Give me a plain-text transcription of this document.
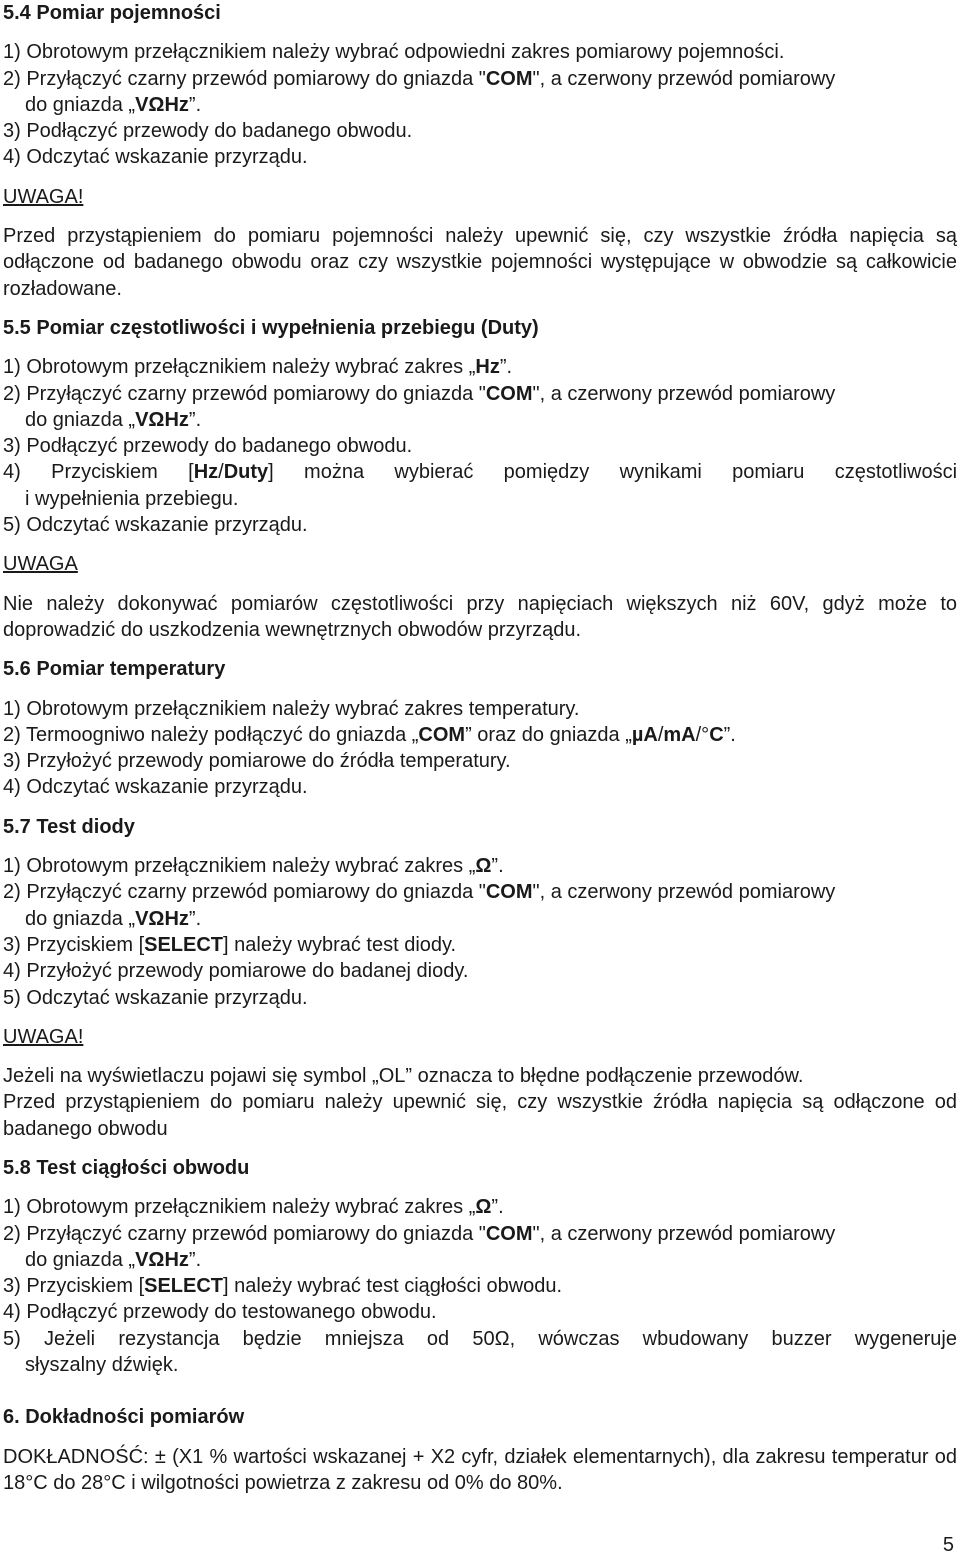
5.4 Pomiar pojemności
1) Obrotowym przełącznikiem należy wybrać odpowiedni zakres pomiarowy pojemności.
2) Przyłączyć czarny przewód pomiarowy do gniazda "COM", a czerwony przewód pomiarowy
do gniazda „VΩHz”.
3) Podłączyć przewody do badanego obwodu.
4) Odczytać wskazanie przyrządu.
UWAGA!
Przed przystąpieniem do pomiaru pojemności należy upewnić się, czy wszystkie źródła napięcia są odłączone od badanego obwodu oraz czy wszystkie pojemności występujące w obwodzie są całkowicie rozładowane.
5.5 Pomiar częstotliwości i wypełnienia przebiegu (Duty)
1) Obrotowym przełącznikiem należy wybrać zakres „Hz”.
2) Przyłączyć czarny przewód pomiarowy do gniazda "COM", a czerwony przewód pomiarowy
do gniazda „VΩHz”.
3) Podłączyć przewody do badanego obwodu.
4) Przyciskiem [Hz/Duty] można wybierać pomiędzy wynikami pomiaru częstotliwości
i wypełnienia przebiegu.
5) Odczytać wskazanie przyrządu.
UWAGA
Nie należy dokonywać pomiarów częstotliwości przy napięciach większych niż 60V, gdyż może to doprowadzić do uszkodzenia wewnętrznych obwodów przyrządu.
5.6 Pomiar temperatury
1) Obrotowym przełącznikiem należy wybrać zakres temperatury.
2) Termoogniwo należy podłączyć do gniazda „COM” oraz do gniazda „µA/mA/°C”.
3) Przyłożyć przewody pomiarowe do źródła temperatury.
4) Odczytać wskazanie przyrządu.
5.7 Test diody
1) Obrotowym przełącznikiem należy wybrać zakres „Ω”.
2) Przyłączyć czarny przewód pomiarowy do gniazda "COM", a czerwony przewód pomiarowy
do gniazda „VΩHz”.
3) Przyciskiem [SELECT] należy wybrać test diody.
4) Przyłożyć przewody pomiarowe do badanej diody.
5) Odczytać wskazanie przyrządu.
UWAGA!
Jeżeli na wyświetlaczu pojawi się symbol „OL” oznacza to błędne podłączenie przewodów.
Przed przystąpieniem do pomiaru należy upewnić się, czy wszystkie źródła napięcia są odłączone od badanego obwodu
5.8 Test ciągłości obwodu
1) Obrotowym przełącznikiem należy wybrać zakres „Ω”.
2) Przyłączyć czarny przewód pomiarowy do gniazda "COM", a czerwony przewód pomiarowy
do gniazda „VΩHz”.
3) Przyciskiem [SELECT] należy wybrać test ciągłości obwodu.
4) Podłączyć przewody do testowanego obwodu.
5) Jeżeli rezystancja będzie mniejsza od 50Ω, wówczas wbudowany buzzer wygeneruje
słyszalny dźwięk.
6. Dokładności pomiarów
DOKŁADNOŚĆ: ± (X1 % wartości wskazanej + X2 cyfr, działek elementarnych), dla zakresu temperatur od 18°C do 28°C i wilgotności powietrza z zakresu od 0% do 80%.
5
